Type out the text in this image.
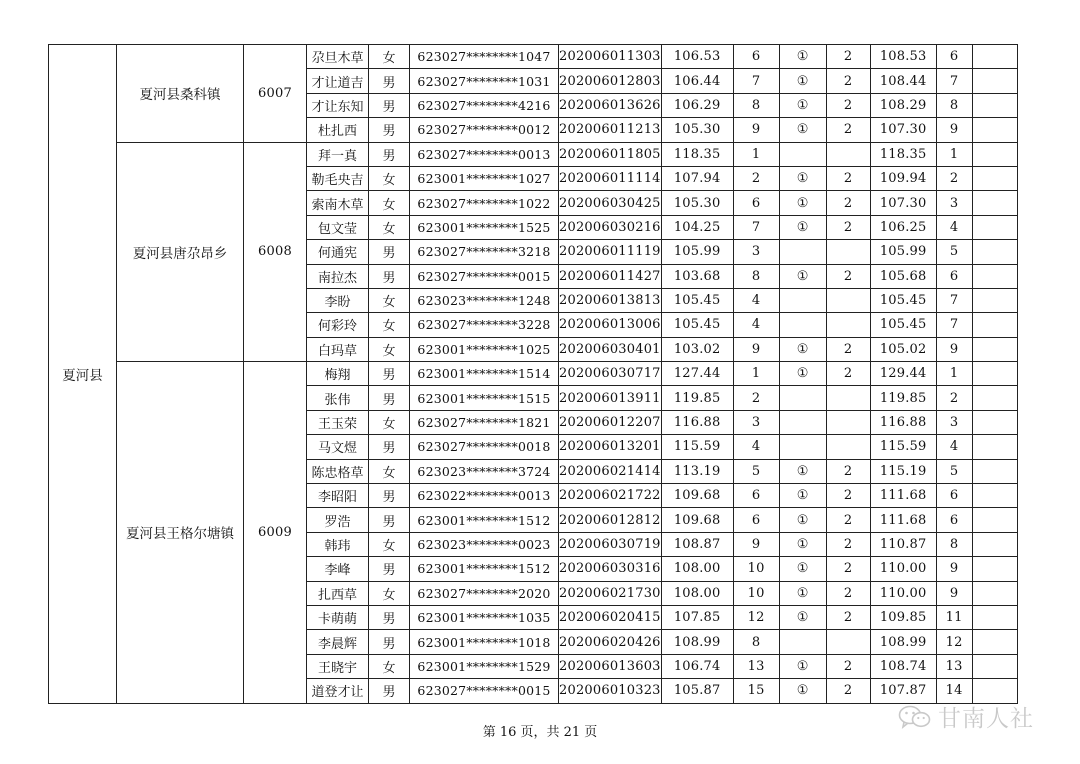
夏河县	夏河县桑科镇	6007	尕旦木草	女	623027********1047	202006011303	106.53	6	①	2	108.53	6	
			才让道吉	男	623027********1031	202006012803	106.44	7	①	2	108.44	7	
			才让东知	男	623027********4216	202006013626	106.29	8	①	2	108.29	8	
			杜扎西	男	623027********0012	202006011213	105.30	9	①	2	107.30	9	
	夏河县唐尕昂乡	6008	拜一真	男	623027********0013	202006011805	118.35	1			118.35	1	
			勒毛央吉	女	623001********1027	202006011114	107.94	2	①	2	109.94	2	
			索南木草	女	623027********1022	202006030425	105.30	6	①	2	107.30	3	
			包文莹	女	623001********1525	202006030216	104.25	7	①	2	106.25	4	
			何通宪	男	623027********3218	202006011119	105.99	3			105.99	5	
			南拉杰	男	623027********0015	202006011427	103.68	8	①	2	105.68	6	
			李盼	女	623023********1248	202006013813	105.45	4			105.45	7	
			何彩玲	女	623027********3228	202006013006	105.45	4			105.45	7	
			白玛草	女	623001********1025	202006030401	103.02	9	①	2	105.02	9	
	夏河县王格尔塘镇	6009	梅翔	男	623001********1514	202006030717	127.44	1	①	2	129.44	1	
			张伟	男	623001********1515	202006013911	119.85	2			119.85	2	
			王玉荣	女	623027********1821	202006012207	116.88	3			116.88	3	
			马文煜	男	623027********0018	202006013201	115.59	4			115.59	4	
			陈忠格草	女	623023********3724	202006021414	113.19	5	①	2	115.19	5	
			李昭阳	男	623022********0013	202006021722	109.68	6	①	2	111.68	6	
			罗浩	男	623001********1512	202006012812	109.68	6	①	2	111.68	6	
			韩玮	女	623023********0023	202006030719	108.87	9	①	2	110.87	8	
			李峰	男	623001********1512	202006030316	108.00	10	①	2	110.00	9	
			扎西草	女	623027********2020	202006021730	108.00	10	①	2	110.00	9	
			卡萌萌	男	623001********1035	202006020415	107.85	12	①	2	109.85	11	
			李晨辉	男	623001********1018	202006020426	108.99	8			108.99	12	
			王晓宇	女	623001********1529	202006013603	106.74	13	①	2	108.74	13	
			道登才让	男	623027********0015	202006010323	105.87	15	①	2	107.87	14	
第 16 页，共 21 页
甘南人社
